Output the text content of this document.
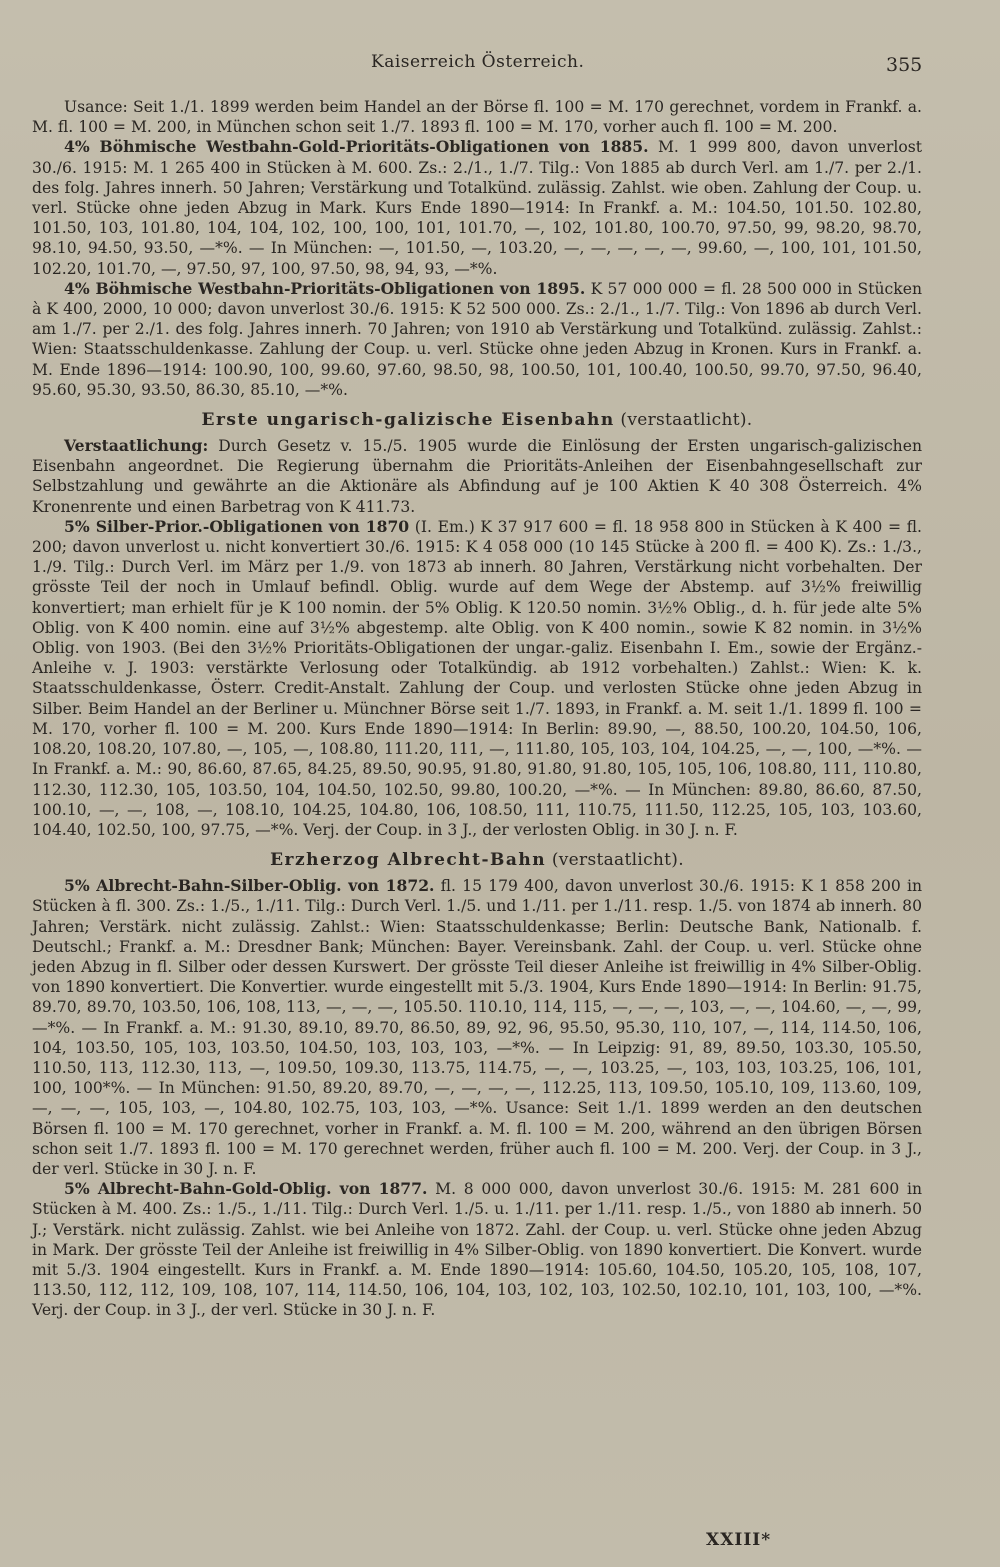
Kaiserreich Österreich.	355

Usance: Seit 1./1. 1899 werden beim Handel an der Börse fl. 100 = M. 170 gerechnet, vordem in Frankf. a. M. fl. 100 = M. 200, in München schon seit 1./7. 1893 fl. 100 = M. 170, vorher auch fl. 100 = M. 200.

4% Böhmische Westbahn-Gold-Prioritäts-Obligationen von 1885. M. 1 999 800, davon unverlost 30./6. 1915: M. 1 265 400 in Stücken à M. 600. Zs.: 2./1., 1./7. Tilg.: Von 1885 ab durch Verl. am 1./7. per 2./1. des folg. Jahres innerh. 50 Jahren; Verstärkung und Totalkünd. zulässig. Zahlst. wie oben. Zahlung der Coup. u. verl. Stücke ohne jeden Abzug in Mark. Kurs Ende 1890—1914: In Frankf. a. M.: 104.50, 101.50. 102.80, 101.50, 103, 101.80, 104, 104, 102, 100, 100, 101, 101.70, —, 102, 101.80, 100.70, 97.50, 99, 98.20, 98.70, 98.10, 94.50, 93.50, —*%. — In München: —, 101.50, —, 103.20, —, —, —, —, —, 99.60, —, 100, 101, 101.50, 102.20, 101.70, —, 97.50, 97, 100, 97.50, 98, 94, 93, —*%.

4% Böhmische Westbahn-Prioritäts-Obligationen von 1895. K 57 000 000 = fl. 28 500 000 in Stücken à K 400, 2000, 10 000; davon unverlost 30./6. 1915: K 52 500 000. Zs.: 2./1., 1./7. Tilg.: Von 1896 ab durch Verl. am 1./7. per 2./1. des folg. Jahres innerh. 70 Jahren; von 1910 ab Verstärkung und Totalkünd. zulässig. Zahlst.: Wien: Staatsschuldenkasse. Zahlung der Coup. u. verl. Stücke ohne jeden Abzug in Kronen. Kurs in Frankf. a. M. Ende 1896—1914: 100.90, 100, 99.60, 97.60, 98.50, 98, 100.50, 101, 100.40, 100.50, 99.70, 97.50, 96.40, 95.60, 95.30, 93.50, 86.30, 85.10, —*%.

Erste ungarisch-galizische Eisenbahn (verstaatlicht).

Verstaatlichung: Durch Gesetz v. 15./5. 1905 wurde die Einlösung der Ersten ungarisch-galizischen Eisenbahn angeordnet. Die Regierung übernahm die Prioritäts-Anleihen der Eisenbahngesellschaft zur Selbstzahlung und gewährte an die Aktionäre als Abfindung auf je 100 Aktien K 40 308 Österreich. 4% Kronenrente und einen Barbetrag von K 411.73.

5% Silber-Prior.-Obligationen von 1870 (I. Em.) K 37 917 600 = fl. 18 958 800 in Stücken à K 400 = fl. 200; davon unverlost u. nicht konvertiert 30./6. 1915: K 4 058 000 (10 145 Stücke à 200 fl. = 400 K). Zs.: 1./3., 1./9. Tilg.: Durch Verl. im März per 1./9. von 1873 ab innerh. 80 Jahren, Verstärkung nicht vorbehalten. Der grösste Teil der noch in Umlauf befindl. Oblig. wurde auf dem Wege der Abstemp. auf 3½% freiwillig konvertiert; man erhielt für je K 100 nomin. der 5% Oblig. K 120.50 nomin. 3½% Oblig., d. h. für jede alte 5% Oblig. von K 400 nomin. eine auf 3½% abgestemp. alte Oblig. von K 400 nomin., sowie K 82 nomin. in 3½% Oblig. von 1903. (Bei den 3½% Prioritäts-Obligationen der ungar.-galiz. Eisenbahn I. Em., sowie der Ergänz.-Anleihe v. J. 1903: verstärkte Verlosung oder Totalkündig. ab 1912 vorbehalten.) Zahlst.: Wien: K. k. Staatsschuldenkasse, Österr. Credit-Anstalt. Zahlung der Coup. und verlosten Stücke ohne jeden Abzug in Silber. Beim Handel an der Berliner u. Münchner Börse seit 1./7. 1893, in Frankf. a. M. seit 1./1. 1899 fl. 100 = M. 170, vorher fl. 100 = M. 200. Kurs Ende 1890—1914: In Berlin: 89.90, —, 88.50, 100.20, 104.50, 106, 108.20, 108.20, 107.80, —, 105, —, 108.80, 111.20, 111, —, 111.80, 105, 103, 104, 104.25, —, —, 100, —*%. — In Frankf. a. M.: 90, 86.60, 87.65, 84.25, 89.50, 90.95, 91.80, 91.80, 91.80, 105, 105, 106, 108.80, 111, 110.80, 112.30, 112.30, 105, 103.50, 104, 104.50, 102.50, 99.80, 100.20, —*%. — In München: 89.80, 86.60, 87.50, 100.10, —, —, 108, —, 108.10, 104.25, 104.80, 106, 108.50, 111, 110.75, 111.50, 112.25, 105, 103, 103.60, 104.40, 102.50, 100, 97.75, —*%. Verj. der Coup. in 3 J., der verlosten Oblig. in 30 J. n. F.

Erzherzog Albrecht-Bahn (verstaatlicht).

5% Albrecht-Bahn-Silber-Oblig. von 1872. fl. 15 179 400, davon unverlost 30./6. 1915: K 1 858 200 in Stücken à fl. 300. Zs.: 1./5., 1./11. Tilg.: Durch Verl. 1./5. und 1./11. per 1./11. resp. 1./5. von 1874 ab innerh. 80 Jahren; Verstärk. nicht zulässig. Zahlst.: Wien: Staatsschuldenkasse; Berlin: Deutsche Bank, Nationalb. f. Deutschl.; Frankf. a. M.: Dresdner Bank; München: Bayer. Vereinsbank. Zahl. der Coup. u. verl. Stücke ohne jeden Abzug in fl. Silber oder dessen Kurswert. Der grösste Teil dieser Anleihe ist freiwillig in 4% Silber-Oblig. von 1890 konvertiert. Die Konvertier. wurde eingestellt mit 5./3. 1904, Kurs Ende 1890—1914: In Berlin: 91.75, 89.70, 89.70, 103.50, 106, 108, 113, —, —, —, 105.50. 110.10, 114, 115, —, —, —, 103, —, —, 104.60, —, —, 99, —*%. — In Frankf. a. M.: 91.30, 89.10, 89.70, 86.50, 89, 92, 96, 95.50, 95.30, 110, 107, —, 114, 114.50, 106, 104, 103.50, 105, 103, 103.50, 104.50, 103, 103, 103, —*%. — In Leipzig: 91, 89, 89.50, 103.30, 105.50, 110.50, 113, 112.30, 113, —, 109.50, 109.30, 113.75, 114.75, —, —, 103.25, —, 103, 103, 103.25, 106, 101, 100, 100*%. — In München: 91.50, 89.20, 89.70, —, —, —, —, 112.25, 113, 109.50, 105.10, 109, 113.60, 109, —, —, —, 105, 103, —, 104.80, 102.75, 103, 103, —*%. Usance: Seit 1./1. 1899 werden an den deutschen Börsen fl. 100 = M. 170 gerechnet, vorher in Frankf. a. M. fl. 100 = M. 200, während an den übrigen Börsen schon seit 1./7. 1893 fl. 100 = M. 170 gerechnet werden, früher auch fl. 100 = M. 200. Verj. der Coup. in 3 J., der verl. Stücke in 30 J. n. F.

5% Albrecht-Bahn-Gold-Oblig. von 1877. M. 8 000 000, davon unverlost 30./6. 1915: M. 281 600 in Stücken à M. 400. Zs.: 1./5., 1./11. Tilg.: Durch Verl. 1./5. u. 1./11. per 1./11. resp. 1./5., von 1880 ab innerh. 50 J.; Verstärk. nicht zulässig. Zahlst. wie bei Anleihe von 1872. Zahl. der Coup. u. verl. Stücke ohne jeden Abzug in Mark. Der grösste Teil der Anleihe ist freiwillig in 4% Silber-Oblig. von 1890 konvertiert. Die Konvert. wurde mit 5./3. 1904 eingestellt. Kurs in Frankf. a. M. Ende 1890—1914: 105.60, 104.50, 105.20, 105, 108, 107, 113.50, 112, 112, 109, 108, 107, 114, 114.50, 106, 104, 103, 102, 103, 102.50, 102.10, 101, 103, 100, —*%. Verj. der Coup. in 3 J., der verl. Stücke in 30 J. n. F.

XXIII*
